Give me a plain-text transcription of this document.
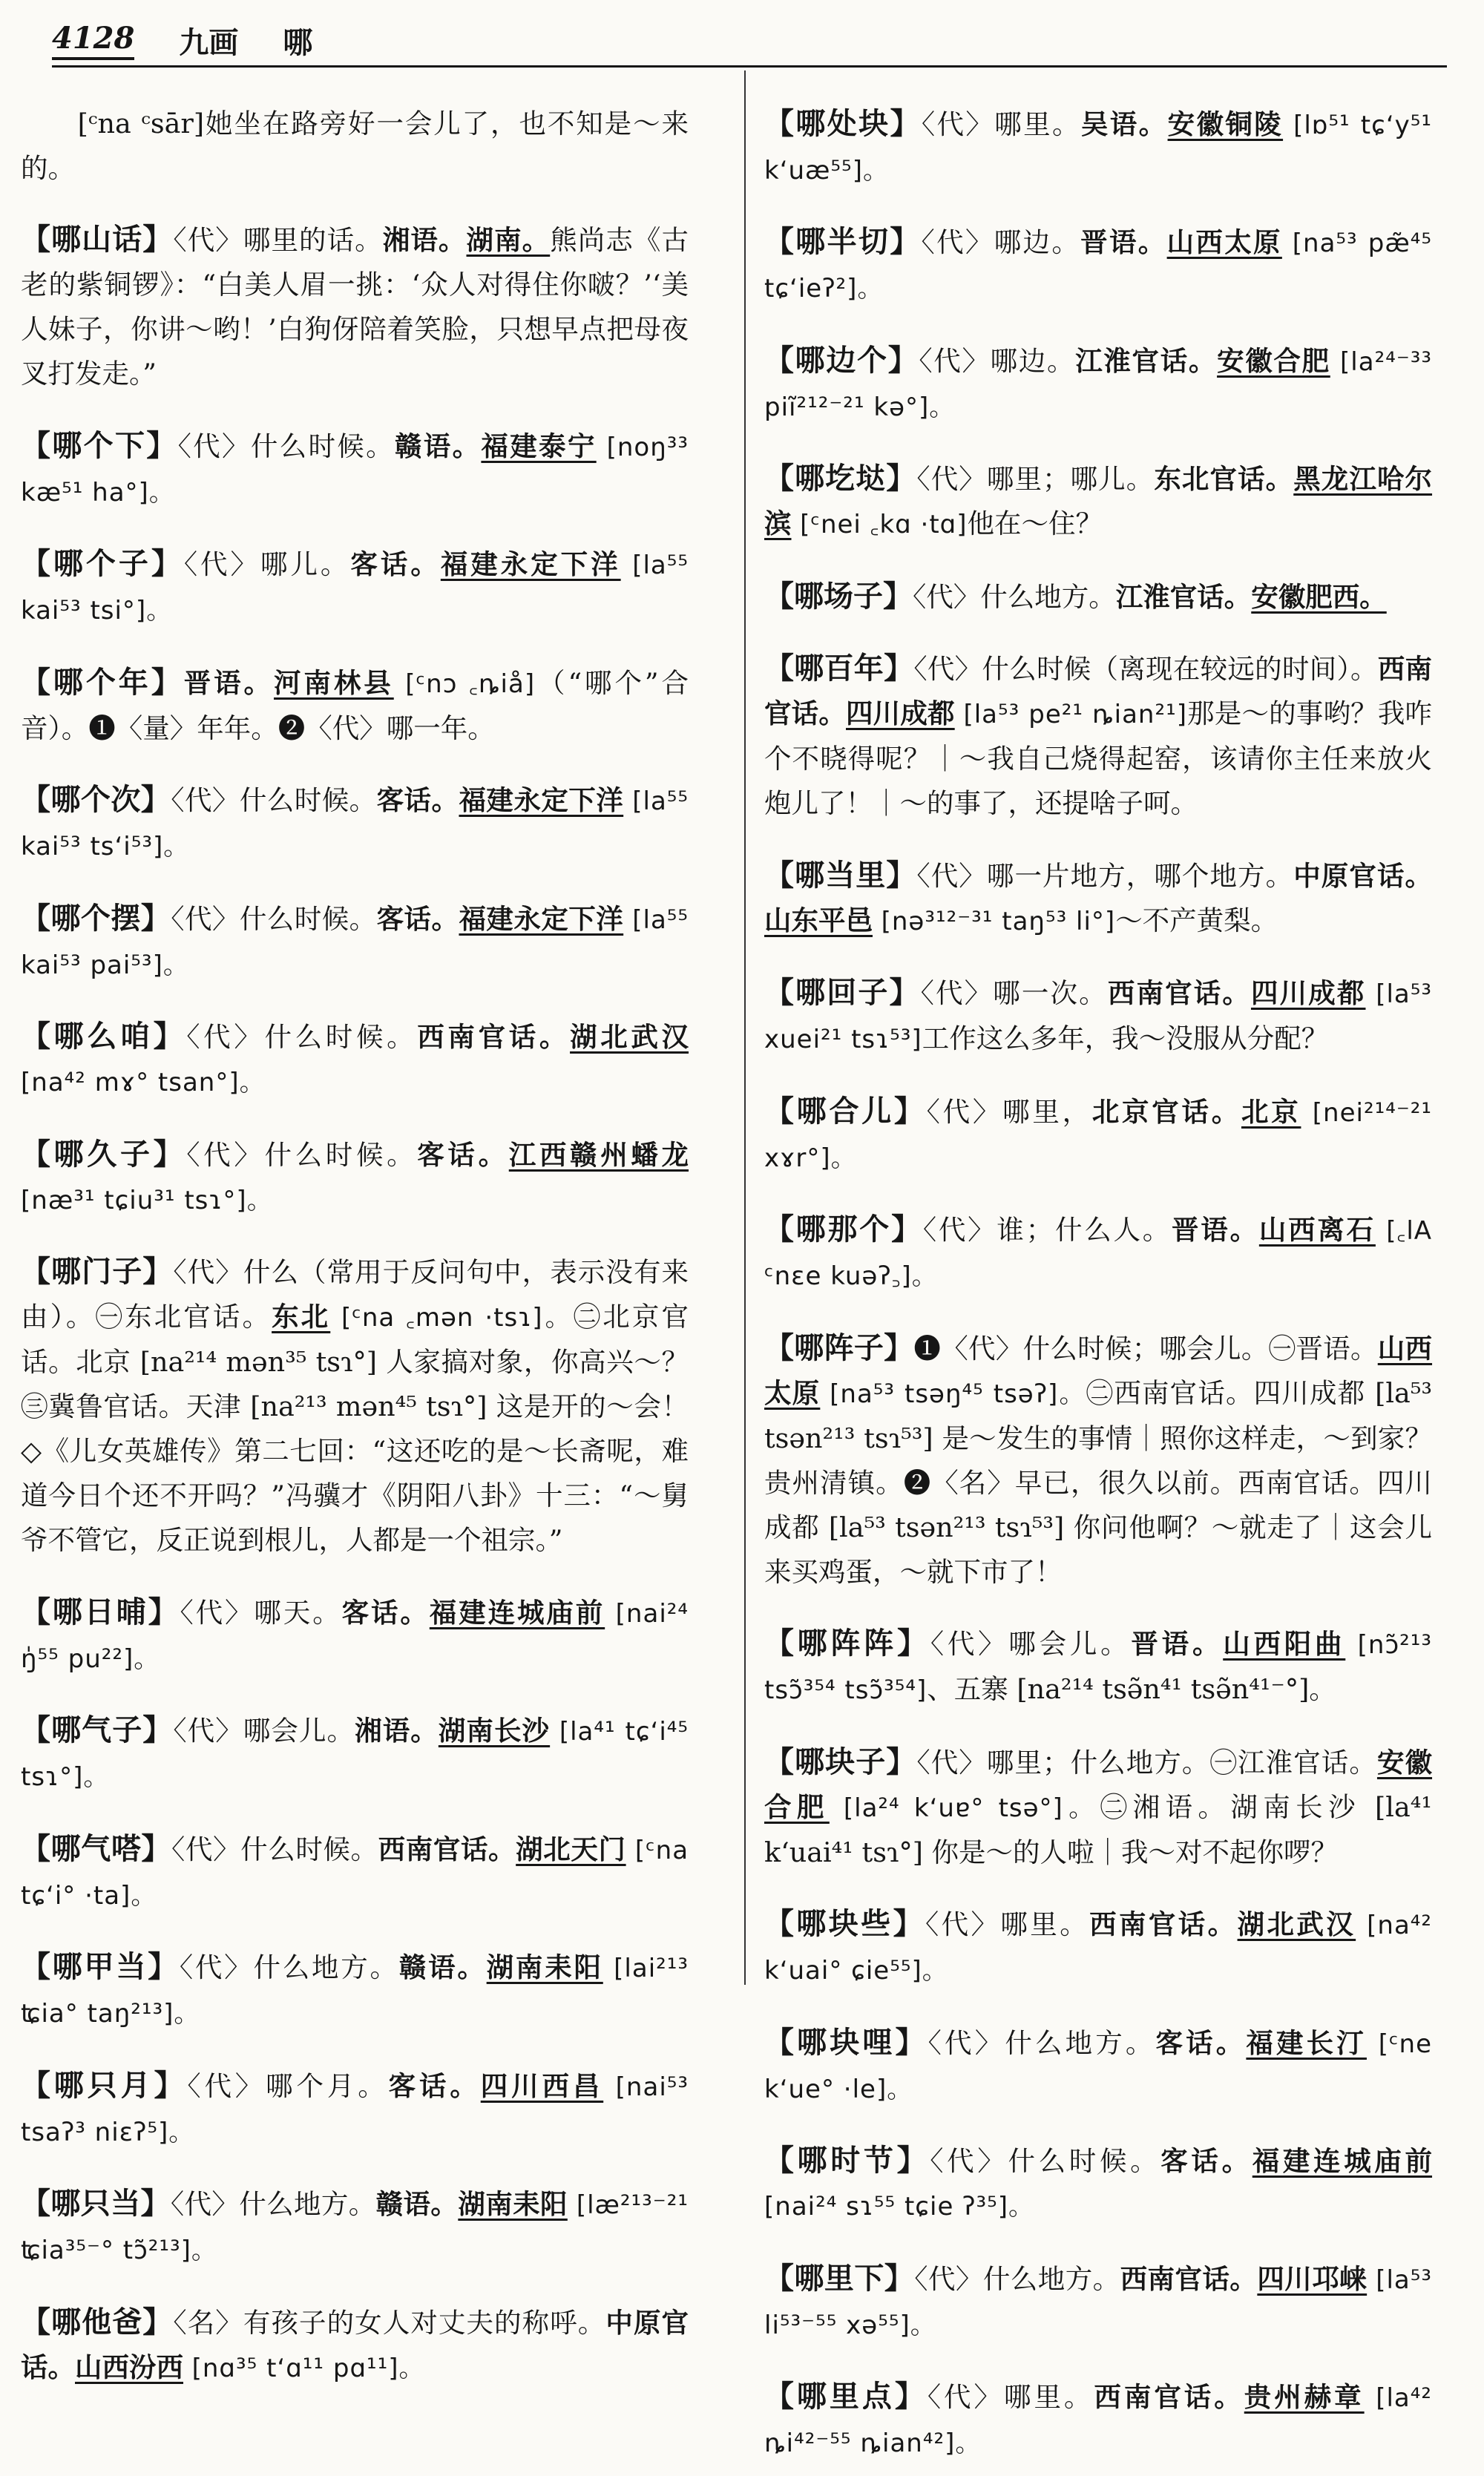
4128 九画 哪

[ᶜna ᶜsār]她坐在路旁好一会儿了，也不知是～来的。

【哪山话】〈代〉哪里的话。湘语。湖南。熊尚志《古老的紫铜锣》：“白美人眉一挑：‘众人对得住你啵？’‘美人妹子，你讲～哟！’白狗伢陪着笑脸，只想早点把母夜叉打发走。”

【哪个下】〈代〉什么时候。赣语。福建泰宁 [noŋ³³ kæ⁵¹ ha°]。

【哪个子】〈代〉哪儿。客话。福建永定下洋 [la⁵⁵ kai⁵³ tsi°]。

【哪个年】晋语。河南林县 [ᶜnɔ ꜀ȵiå]（“哪个”合音）。❶〈量〉年年。❷〈代〉哪一年。

【哪个次】〈代〉什么时候。客话。福建永定下洋 [la⁵⁵ kai⁵³ tsʻi⁵³]。

【哪个摆】〈代〉什么时候。客话。福建永定下洋 [la⁵⁵ kai⁵³ pai⁵³]。

【哪么咱】〈代〉什么时候。西南官话。湖北武汉 [na⁴² mɤ° tsan°]。

【哪久子】〈代〉什么时候。客话。江西赣州蟠龙 [næ³¹ tɕiu³¹ tsɿ°]。

【哪门子】〈代〉什么（常用于反问句中，表示没有来由）。㊀东北官话。东北 [ᶜna ꜀mən ·tsɿ]。㊁北京官话。北京 [na²¹⁴ mən³⁵ tsɿ°] 人家搞对象，你高兴～？㊂冀鲁官话。天津 [na²¹³ mən⁴⁵ tsɿ°] 这是开的～会！◇《儿女英雄传》第二七回：“这还吃的是～长斋呢，难道今日个还不开吗？”冯骥才《阴阳八卦》十三：“～舅爷不管它，反正说到根儿，人都是一个祖宗。”

【哪日晡】〈代〉哪天。客话。福建连城庙前 [nai²⁴ ŋ̍⁵⁵ pu²²]。

【哪气子】〈代〉哪会儿。湘语。湖南长沙 [la⁴¹ tɕʻi⁴⁵ tsɿ°]。

【哪气嗒】〈代〉什么时候。西南官话。湖北天门 [ᶜna tɕʻi° ·ta]。

【哪甲当】〈代〉什么地方。赣语。湖南耒阳 [lai²¹³ ʨia° taŋ²¹³]。

【哪只月】〈代〉哪个月。客话。四川西昌 [nai⁵³ tsaʔ³ niɛʔ⁵]。

【哪只当】〈代〉什么地方。赣语。湖南耒阳 [læ²¹³⁻²¹ ʨia³⁵⁻° tɔ̃²¹³]。

【哪他爸】〈名〉有孩子的女人对丈夫的称呼。中原官话。山西汾西 [nɑ³⁵ tʻɑ¹¹ pɑ¹¹]。

【哪处块】〈代〉哪里。吴语。安徽铜陵 [lɒ⁵¹ tɕʻy⁵¹ kʻuæ⁵⁵]。

【哪半切】〈代〉哪边。晋语。山西太原 [na⁵³ pæ̃⁴⁵ tɕʻieʔ²]。

【哪边个】〈代〉哪边。江淮官话。安徽合肥 [la²⁴⁻³³ piĩ²¹²⁻²¹ kə°]。

【哪圪垯】〈代〉哪里；哪儿。东北官话。黑龙江哈尔滨 [ᶜnei ꜀kɑ ·tɑ]他在～住？

【哪场子】〈代〉什么地方。江淮官话。安徽肥西。

【哪百年】〈代〉什么时候（离现在较远的时间）。西南官话。四川成都 [la⁵³ pe²¹ ȵian²¹]那是～的事哟？我咋个不晓得呢？｜～我自己烧得起窑，该请你主任来放火炮儿了！｜～的事了，还提啥子呵。

【哪当里】〈代〉哪一片地方，哪个地方。中原官话。山东平邑 [nə³¹²⁻³¹ taŋ⁵³ li°]～不产黄梨。

【哪回子】〈代〉哪一次。西南官话。四川成都 [la⁵³ xuei²¹ tsɿ⁵³]工作这么多年，我～没服从分配？

【哪合儿】〈代〉哪里，北京官话。北京 [nei²¹⁴⁻²¹ xɤr°]。

【哪那个】〈代〉谁；什么人。晋语。山西离石 [꜀lA ᶜnɛe kuəʔ꜆]。

【哪阵子】❶〈代〉什么时候；哪会儿。㊀晋语。山西太原 [na⁵³ tsəŋ⁴⁵ tsəʔ]。㊁西南官话。四川成都 [la⁵³ tsən²¹³ tsɿ⁵³] 是～发生的事情｜照你这样走，～到家？贵州清镇。❷〈名〉早已，很久以前。西南官话。四川成都 [la⁵³ tsən²¹³ tsɿ⁵³] 你问他啊？～就走了｜这会儿来买鸡蛋，～就下市了！

【哪阵阵】〈代〉哪会儿。晋语。山西阳曲 [nɔ̃²¹³ tsɔ̃³⁵⁴ tsɔ̃³⁵⁴]、五寨 [na²¹⁴ tsə̃n⁴¹ tsə̃n⁴¹⁻°]。

【哪块子】〈代〉哪里；什么地方。㊀江淮官话。安徽合肥 [la²⁴ kʻuɐ° tsə°]。㊁湘语。湖南长沙 [la⁴¹ kʻuai⁴¹ tsɿ°] 你是～的人啦｜我～对不起你啰？

【哪块些】〈代〉哪里。西南官话。湖北武汉 [na⁴² kʻuai° ɕie⁵⁵]。

【哪块哩】〈代〉什么地方。客话。福建长汀 [ᶜne kʻue° ·le]。

【哪时节】〈代〉什么时候。客话。福建连城庙前 [nai²⁴ sɿ⁵⁵ tɕie ʔ³⁵]。

【哪里下】〈代〉什么地方。西南官话。四川邛崃 [la⁵³ li⁵³⁻⁵⁵ xə⁵⁵]。

【哪里点】〈代〉哪里。西南官话。贵州赫章 [la⁴² ȵi⁴²⁻⁵⁵ ȵian⁴²]。
